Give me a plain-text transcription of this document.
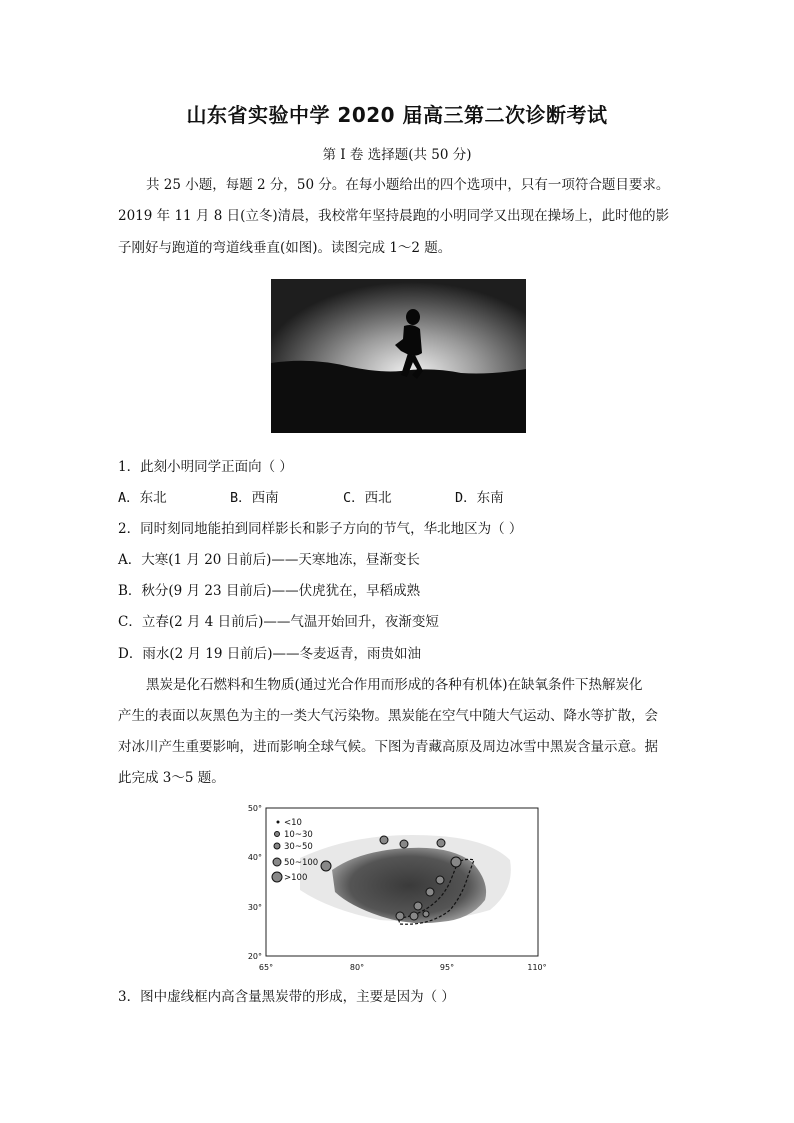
山东省实验中学 2020 届高三第二次诊断考试
第 I 卷 选择题(共 50 分)
共 25 小题，每题 2 分，50 分。在每小题给出的四个选项中，只有一项符合题目要求。
2019 年 11 月 8 日(立冬)清晨，我校常年坚持晨跑的小明同学又出现在操场上，此时他的影
子刚好与跑道的弯道线垂直(如图)。读图完成 1～2 题。
1．此刻小明同学正面向（ ）
A．东北	B．西南	C．西北	D．东南
2．同时刻同地能拍到同样影长和影子方向的节气，华北地区为（ ）
A．大寒(1 月 20 日前后)——天寒地冻，昼渐变长
B．秋分(9 月 23 目前后)——伏虎犹在，早稻成熟
C．立春(2 月 4 日前后)——气温开始回升，夜渐变短
D．雨水(2 月 19 日前后)——冬麦返青，雨贵如油
黑炭是化石燃料和生物质(通过光合作用而形成的各种有机体)在缺氧条件下热解炭化
产生的表面以灰黑色为主的一类大气污染物。黑炭能在空气中随大气运动、降水等扩散，会
对冰川产生重要影响，进而影响全球气候。下图为青藏高原及周边冰雪中黑炭含量示意。据
此完成 3～5 题。
<10
10~30
30~50
50~100
>100
50°
40°
30°
20°
65°	80°	95°	110°
3．图中虚线框内高含量黑炭带的形成，主要是因为（ ）
